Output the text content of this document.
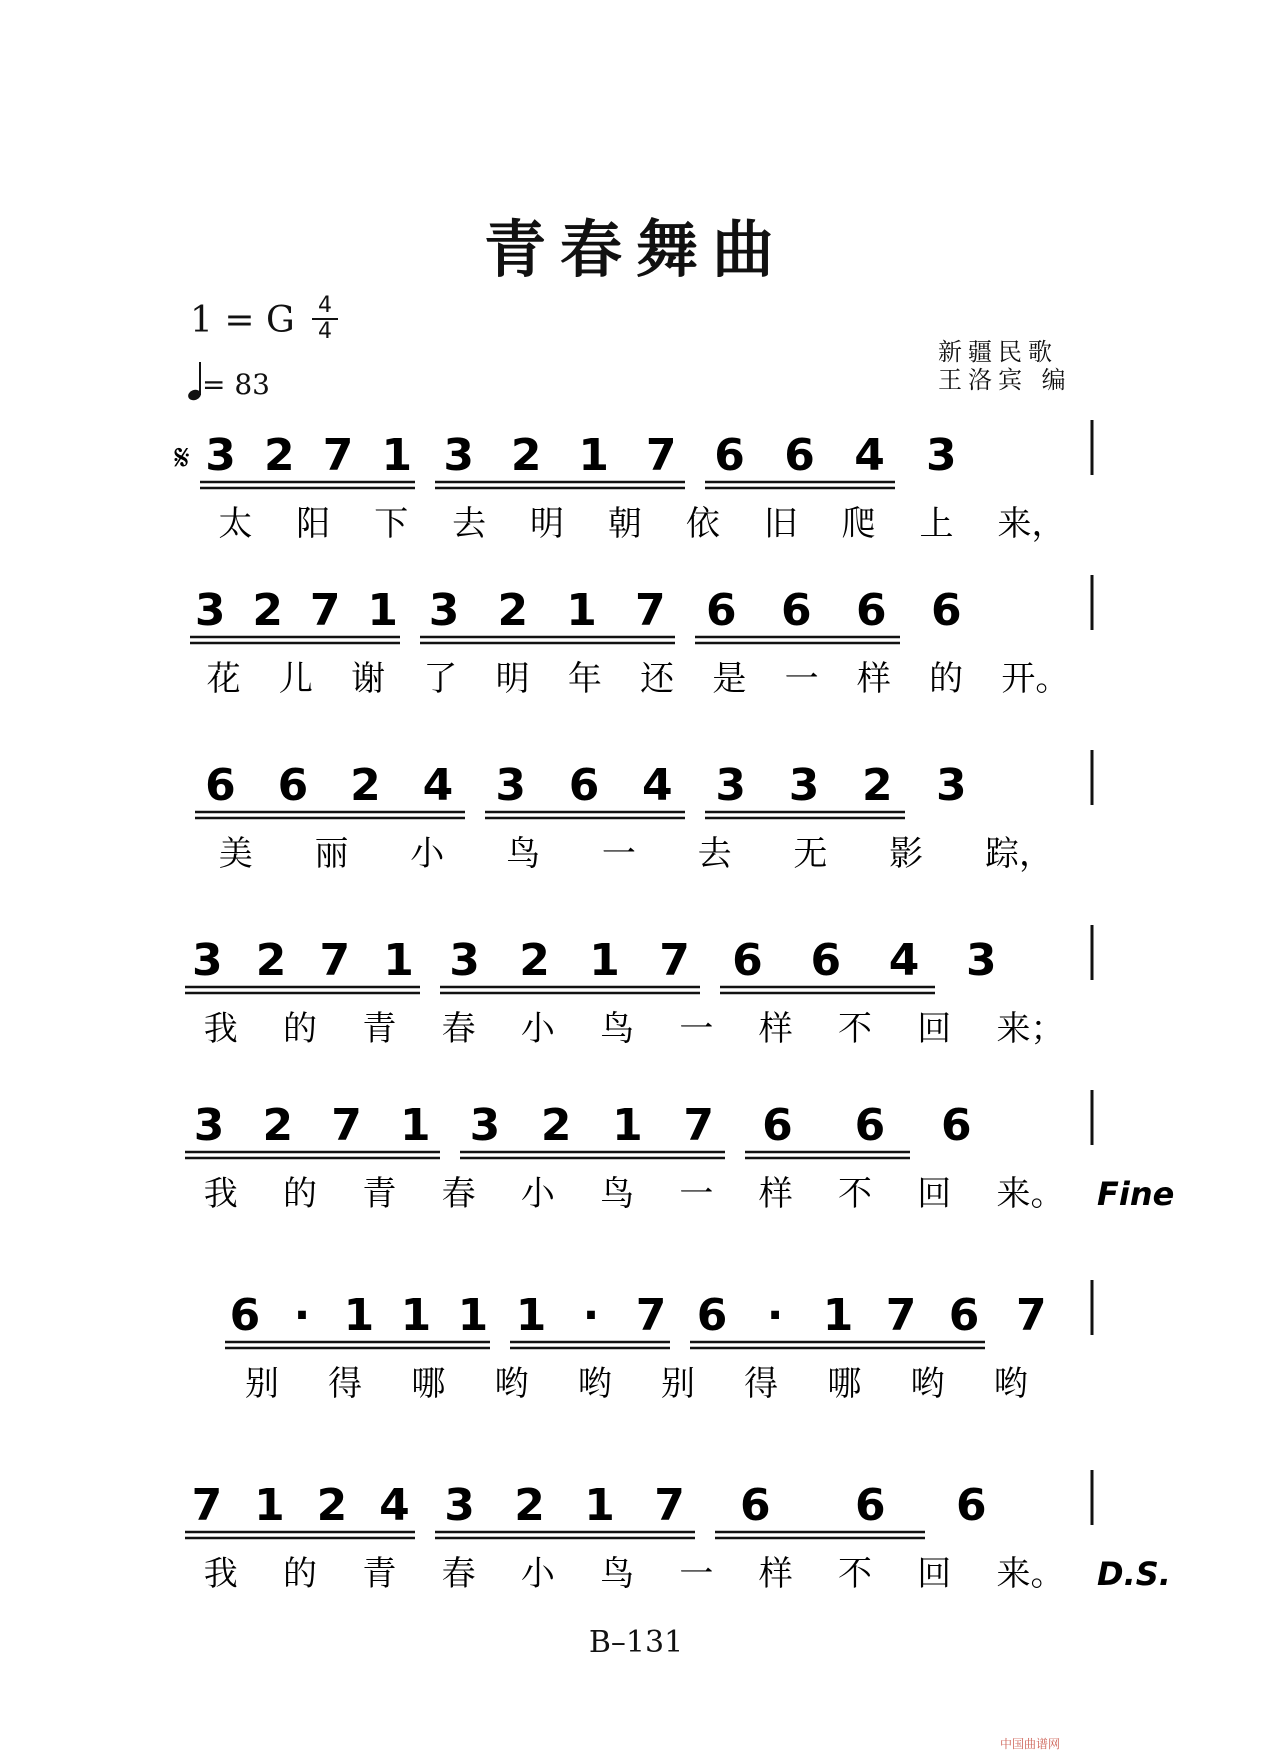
青春舞曲
1 = G 4
4
= 83
新疆民歌
王洛宾 编
3 2 7 1 3 2 1 7 6 6 4 3
太 阳 下 去 明 朝 依 旧 爬 上 来，
3 2 7 1 3 2 1 7 6 6 6 6
花 儿 谢 了 明 年 还 是 一 样 的 开。
6 6 2 4 3 6 4 3 3 2 3
美 丽 小 鸟 一 去 无 影 踪，
3 2 7 1 3 2 1 7 6 6 4 3
我 的 青 春 小 鸟 一 样 不 回 来；
3 2 7 1 3 2 1 7 6 6 6
我 的 青 春 小 鸟 一 样 不 回 来。 Fine
6 · 1 1 1 1 · 7 6 · 1 7 6 7
别 得 哪 哟 哟 别 得 哪 哟 哟
7 1 2 4 3 2 1 7 6 6 6
我 的 青 春 小 鸟 一 样 不 回 来。 D.S.
𝄋
B–131
中国曲谱网
